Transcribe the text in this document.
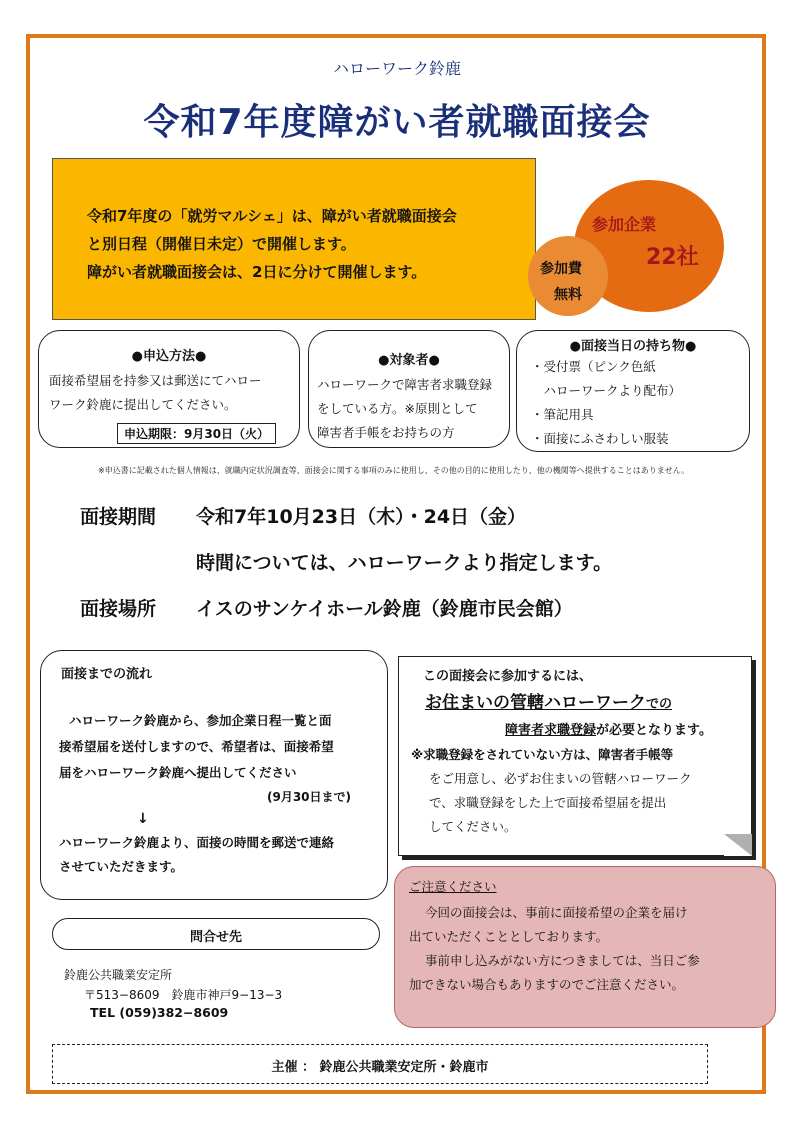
ハローワーク鈴鹿
令和7年度障がい者就職面接会
令和7年度の「就労マルシェ」は、障がい者就職面接会
と別日程（開催日未定）で開催します。
障がい者就職面接会は、2日に分けて開催します。
参加企業
22社
参加費
無料
●申込方法●
面接希望届を持参又は郵送にてハロー
ワーク鈴鹿に提出してください。
申込期限：9月30日（火）
●対象者●
ハローワークで障害者求職登録
をしている方。※原則として
障害者手帳をお持ちの方
●面接当日の持ち物●
・受付票（ピンク色紙
　ハローワークより配布）
・筆記用具
・面接にふさわしい服装
※申込書に記載された個人情報は、就職内定状況調査等、面接会に関する事項のみに使用し、その他の目的に使用したり、他の機関等へ提供することはありません。
面接期間 令和7年10月23日（木）・24日（金）
時間については、ハローワークより指定します。
面接場所 イスのサンケイホール鈴鹿（鈴鹿市民会館）
面接までの流れ
ハローワーク鈴鹿から、参加企業日程一覧と面
接希望届を送付しますので、希望者は、面接希望
届をハローワーク鈴鹿へ提出してください
(9月30日まで)
↓
ハローワーク鈴鹿より、面接の時間を郵送で連絡
させていただきます。
この面接会に参加するには、
お住まいの管轄ハローワークでの
障害者求職登録が必要となります。
※求職登録をされていない方は、障害者手帳等
をご用意し、必ずお住まいの管轄ハローワーク
で、求職登録をした上で面接希望届を提出
してください。
ご注意ください
今回の面接会は、事前に面接希望の企業を届け
出ていただくこととしております。
事前申し込みがない方につきましては、当日ご参
加できない場合もありますのでご注意ください。
問合せ先
鈴鹿公共職業安定所
〒513−8609　鈴鹿市神戸9−13−3
TEL (059)382−8609
主催 ： 鈴鹿公共職業安定所・鈴鹿市
